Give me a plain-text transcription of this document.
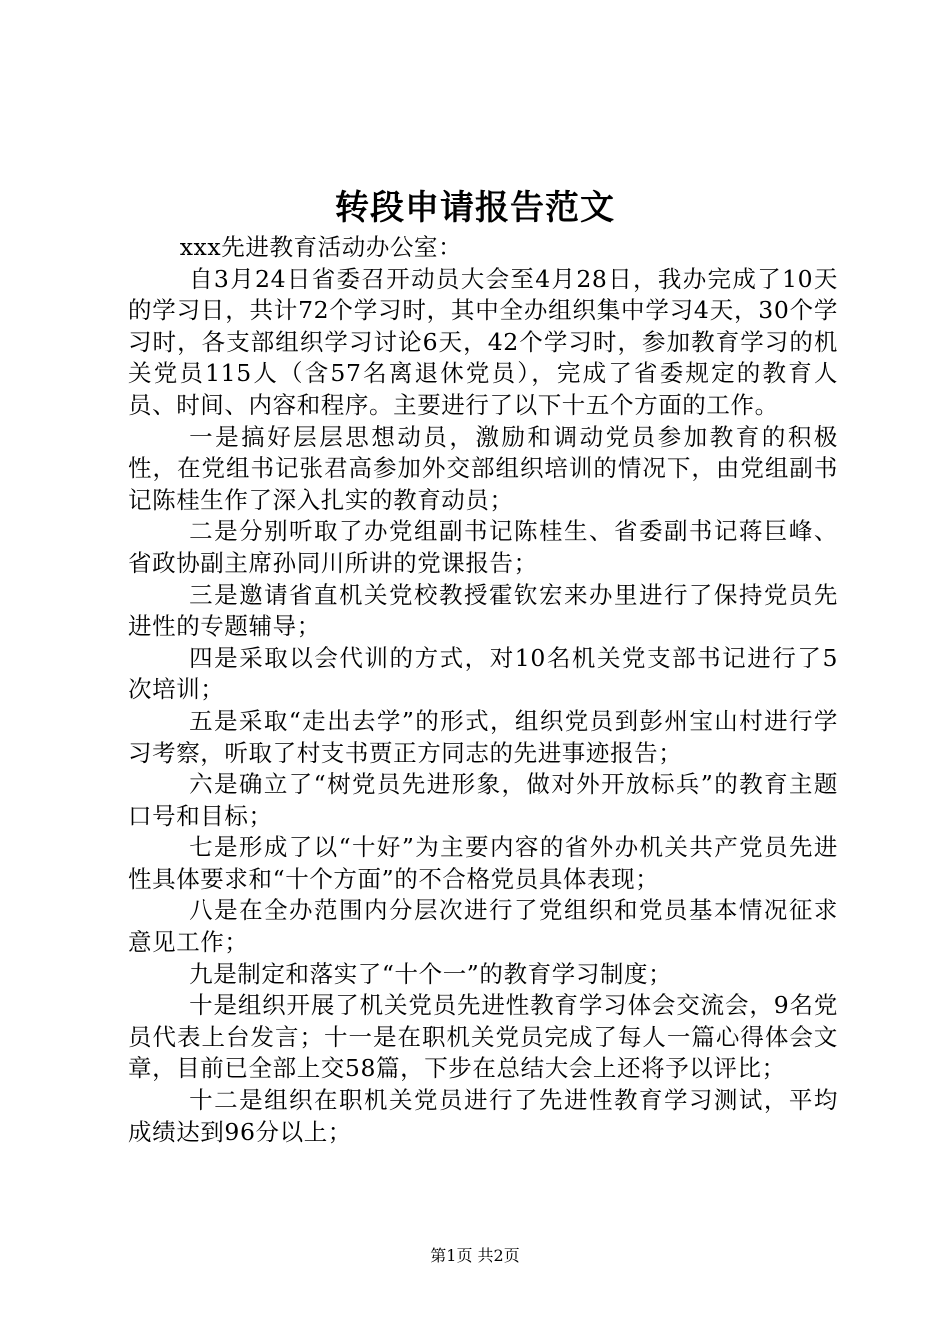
转段申请报告范文

xxx先进教育活动办公室：

自3月24日省委召开动员大会至4月28日，我办完成了10天的学习日，共计72个学习时，其中全办组织集中学习4天，30个学习时，各支部组织学习讨论6天，42个学习时，参加教育学习的机关党员115人（含57名离退休党员），完成了省委规定的教育人员、时间、内容和程序。主要进行了以下十五个方面的工作。

一是搞好层层思想动员，激励和调动党员参加教育的积极性，在党组书记张君高参加外交部组织培训的情况下，由党组副书记陈桂生作了深入扎实的教育动员；

二是分别听取了办党组副书记陈桂生、省委副书记蒋巨峰、省政协副主席孙同川所讲的党课报告；

三是邀请省直机关党校教授霍钦宏来办里进行了保持党员先进性的专题辅导；

四是采取以会代训的方式，对10名机关党支部书记进行了5次培训；

五是采取“走出去学”的形式，组织党员到彭州宝山村进行学习考察，听取了村支书贾正方同志的先进事迹报告；

六是确立了“树党员先进形象，做对外开放标兵”的教育主题口号和目标；

七是形成了以“十好”为主要内容的省外办机关共产党员先进性具体要求和“十个方面”的不合格党员具体表现；

八是在全办范围内分层次进行了党组织和党员基本情况征求意见工作；

九是制定和落实了“十个一”的教育学习制度；

十是组织开展了机关党员先进性教育学习体会交流会，9名党员代表上台发言；十一是在职机关党员完成了每人一篇心得体会文章，目前已全部上交58篇，下步在总结大会上还将予以评比；

十二是组织在职机关党员进行了先进性教育学习测试，平均成绩达到96分以上；

第1页 共2页
